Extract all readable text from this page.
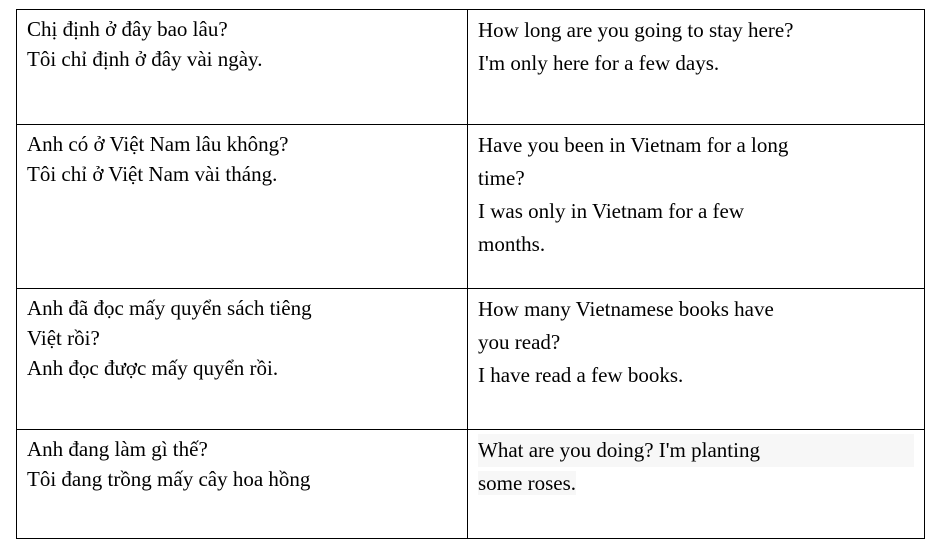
Chị định ở đây bao lâu?
Tôi chỉ định ở đây vài ngày.	How long are you going to stay here?
I'm only here for a few days.

Anh có ở Việt Nam lâu không?
Tôi chỉ ở Việt Nam vài tháng.	Have you been in Vietnam for a long
time?
I was only in Vietnam for a few
months.

Anh đã đọc mấy quyển sách tiêng
Việt rồi?
Anh đọc được mấy quyển rồi.	How many Vietnamese books have
you read?
I have read a few books.

Anh đang làm gì thế?
Tôi đang trồng mấy cây hoa hồng	What are you doing? I'm planting
some roses.
